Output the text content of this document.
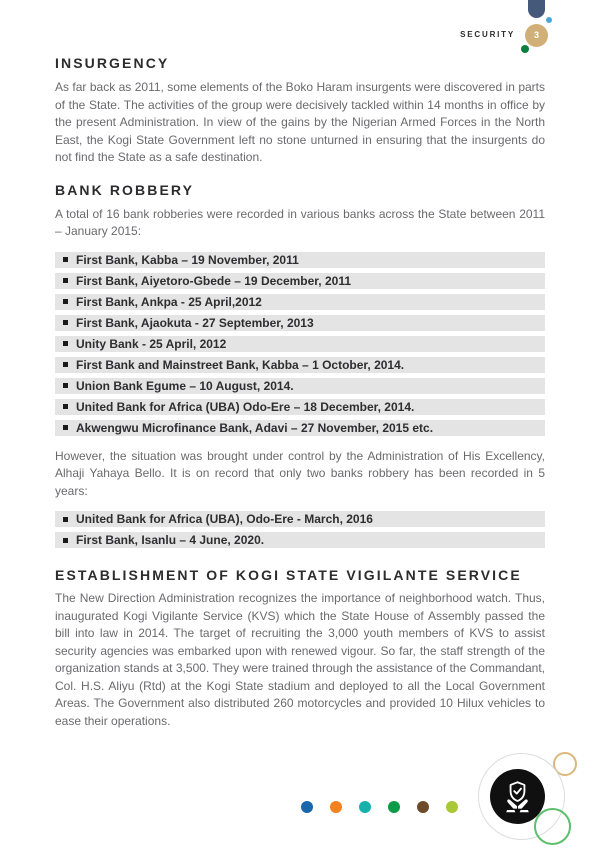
3
SECURITY
INSURGENCY

As far back as 2011, some elements of the Boko Haram insurgents were discovered in parts of the State. The activities of the group were decisively tackled within 14 months in office by the present Administration. In view of the gains by the Nigerian Armed Forces in the North East, the Kogi State Government left no stone unturned in ensuring that the insurgents do not find the State as a safe destination.

BANK ROBBERY

A total of 16 bank robberies were recorded in various banks across the State between 2011 – January 2015:

First Bank, Kabba – 19 November, 2011
First Bank, Aiyetoro-Gbede – 19 December, 2011
First Bank, Ankpa - 25 April,2012
First Bank, Ajaokuta - 27 September, 2013
Unity Bank - 25 April, 2012
First Bank and Mainstreet Bank, Kabba – 1 October, 2014.
Union Bank Egume – 10 August, 2014.
United Bank for Africa (UBA) Odo-Ere – 18 December, 2014.
Akwengwu Microfinance Bank, Adavi – 27 November, 2015 etc.

However, the situation was brought under control by the Administration of His Excellency, Alhaji Yahaya Bello. It is on record that only two banks robbery has been recorded in 5 years:

United Bank for Africa (UBA), Odo-Ere - March, 2016
First Bank, Isanlu – 4 June, 2020.
ESTABLISHMENT OF KOGI STATE VIGILANTE SERVICE

The New Direction Administration recognizes the importance of neighborhood watch. Thus, inaugurated Kogi Vigilante Service (KVS) which the State House of Assembly passed the bill into law in 2014. The target of recruiting the 3,000 youth members of KVS to assist security agencies was embarked upon with renewed vigour. So far, the staff strength of the organization stands at 3,500. They were trained through the assistance of the Commandant, Col. H.S. Aliyu (Rtd) at the Kogi State stadium and deployed to all the Local Government Areas. The Government also distributed 260 motorcycles and provided 10 Hilux vehicles to ease their operations.
